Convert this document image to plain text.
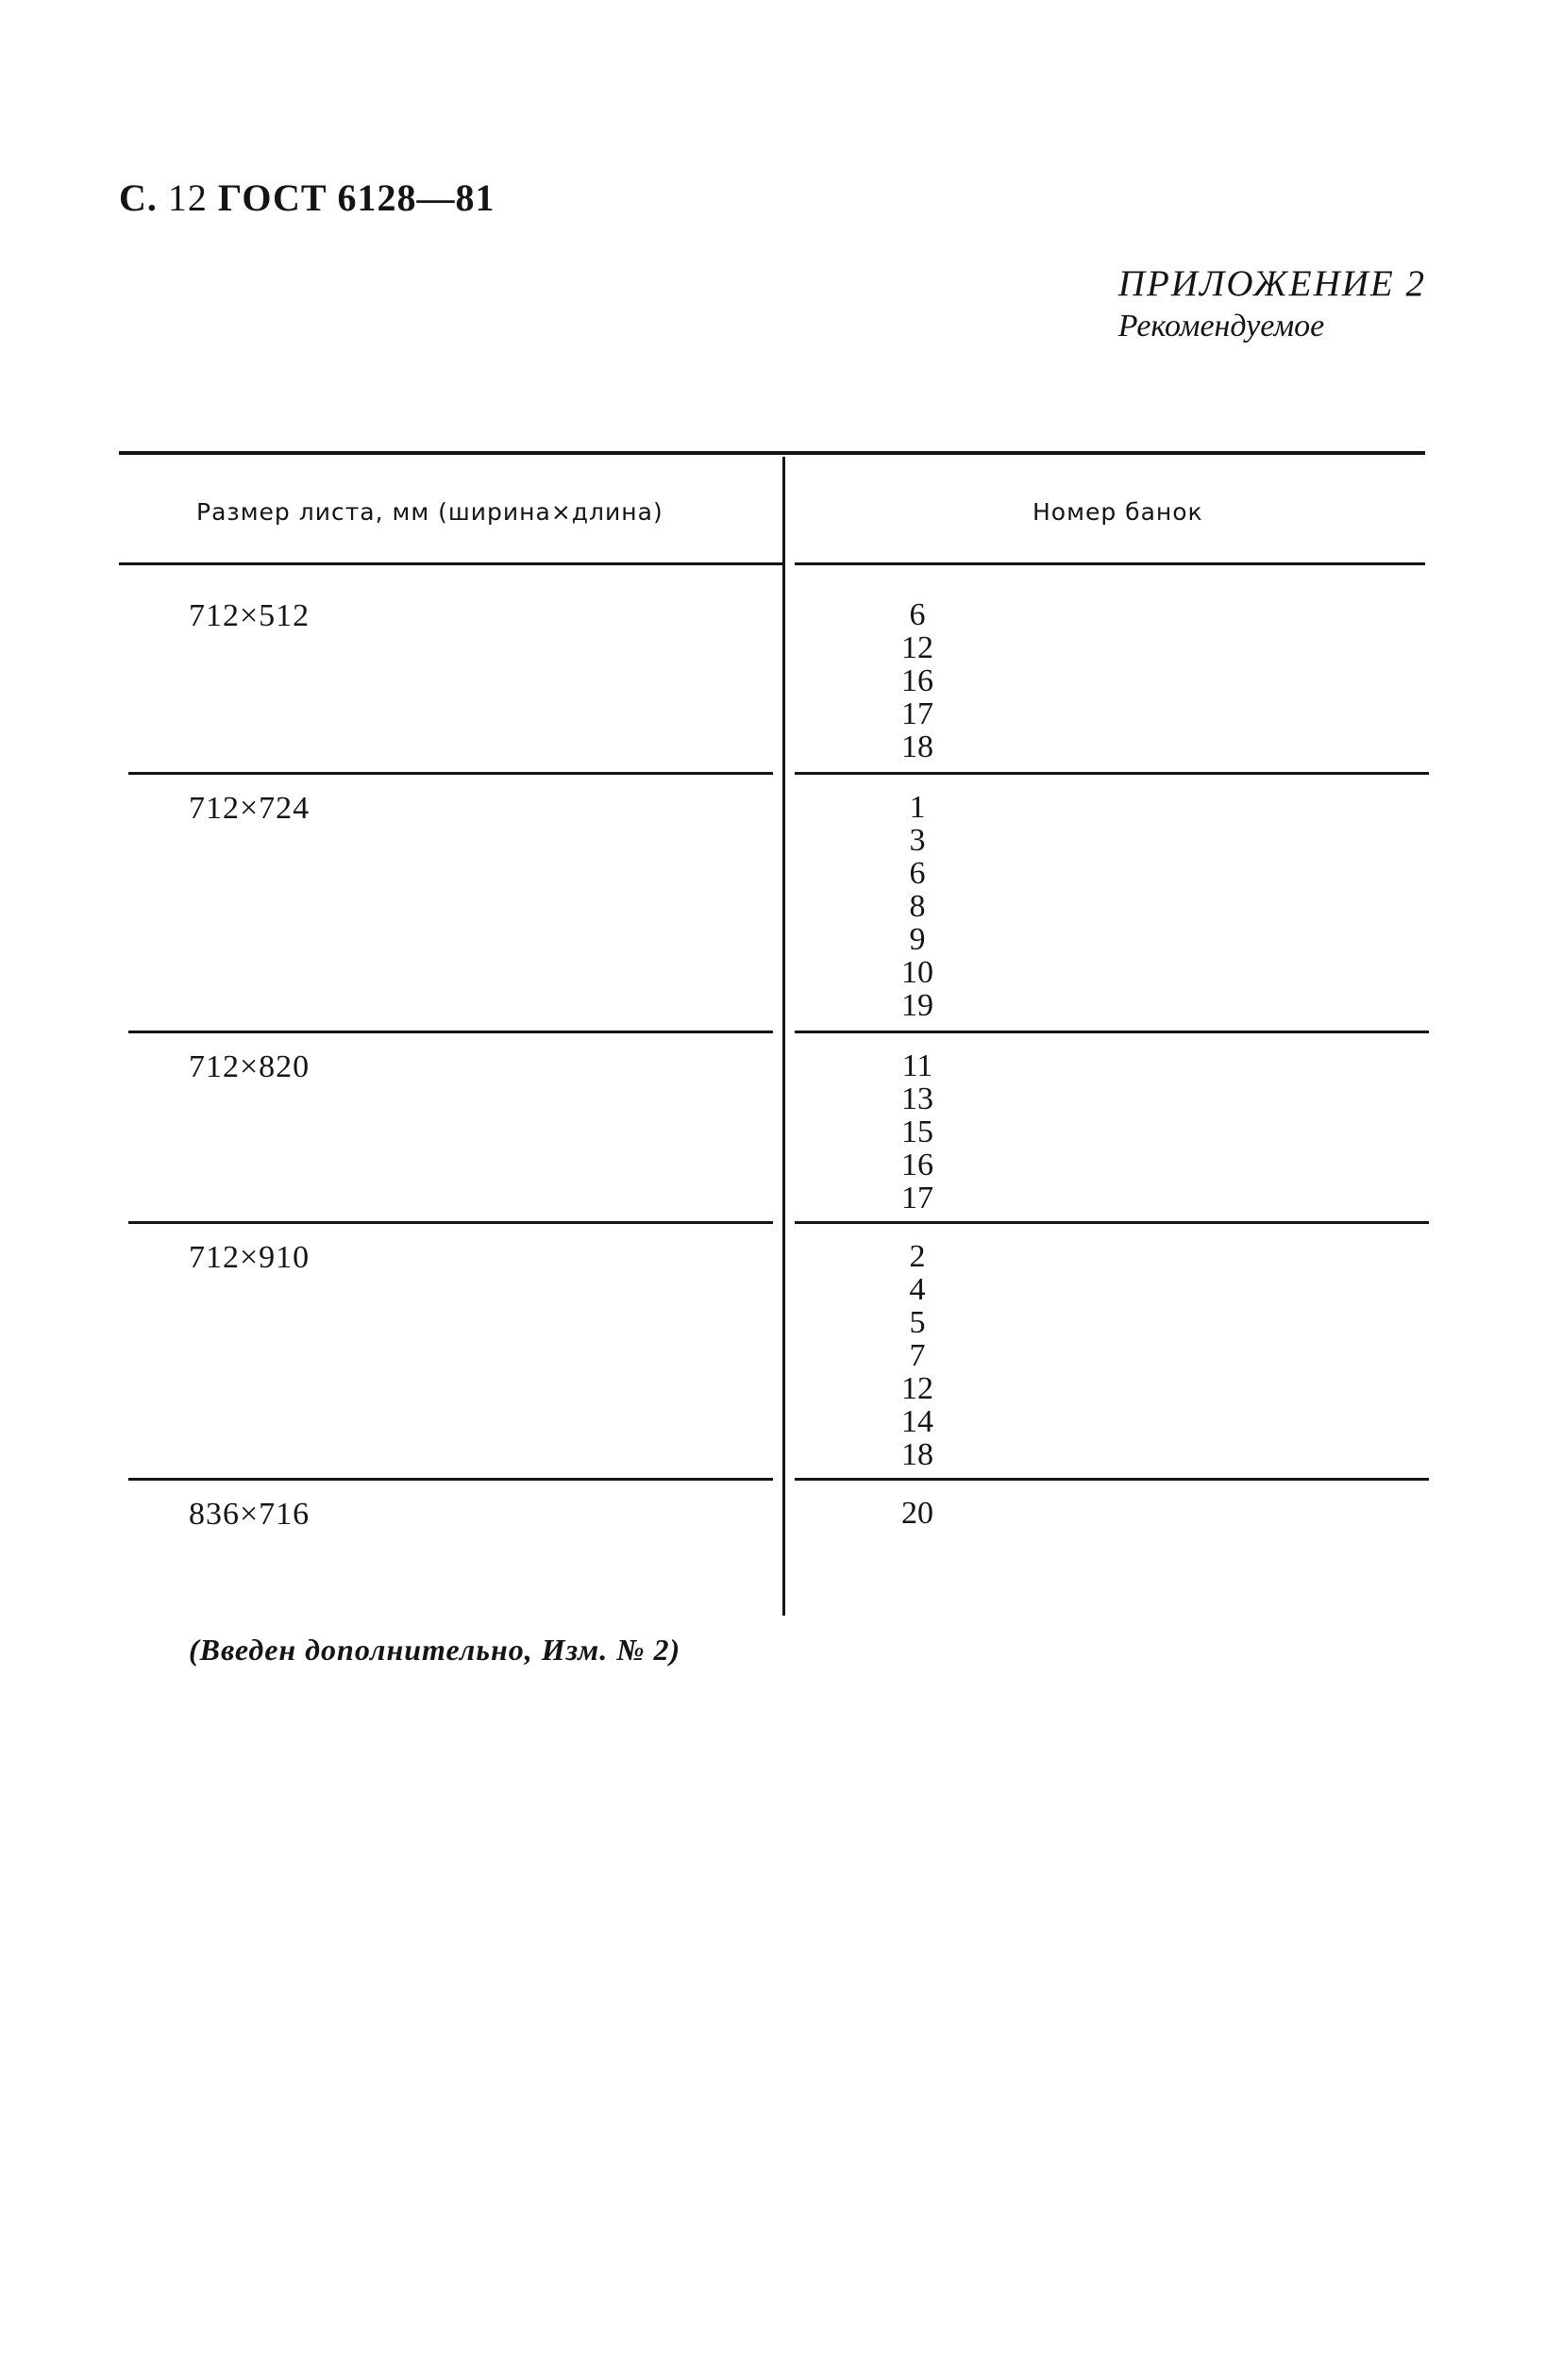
С. 12 ГОСТ 6128—81
ПРИЛОЖЕНИЕ 2
Рекомендуемое
Размер листа, мм (ширина×длина)	Номер банок
712×512	6
12
16
17
18
712×724	1
3
6
8
9
10
19
712×820	11
13
15
16
17
712×910	2
4
5
7
12
14
18
836×716	20
(Введен дополнительно, Изм. № 2)
